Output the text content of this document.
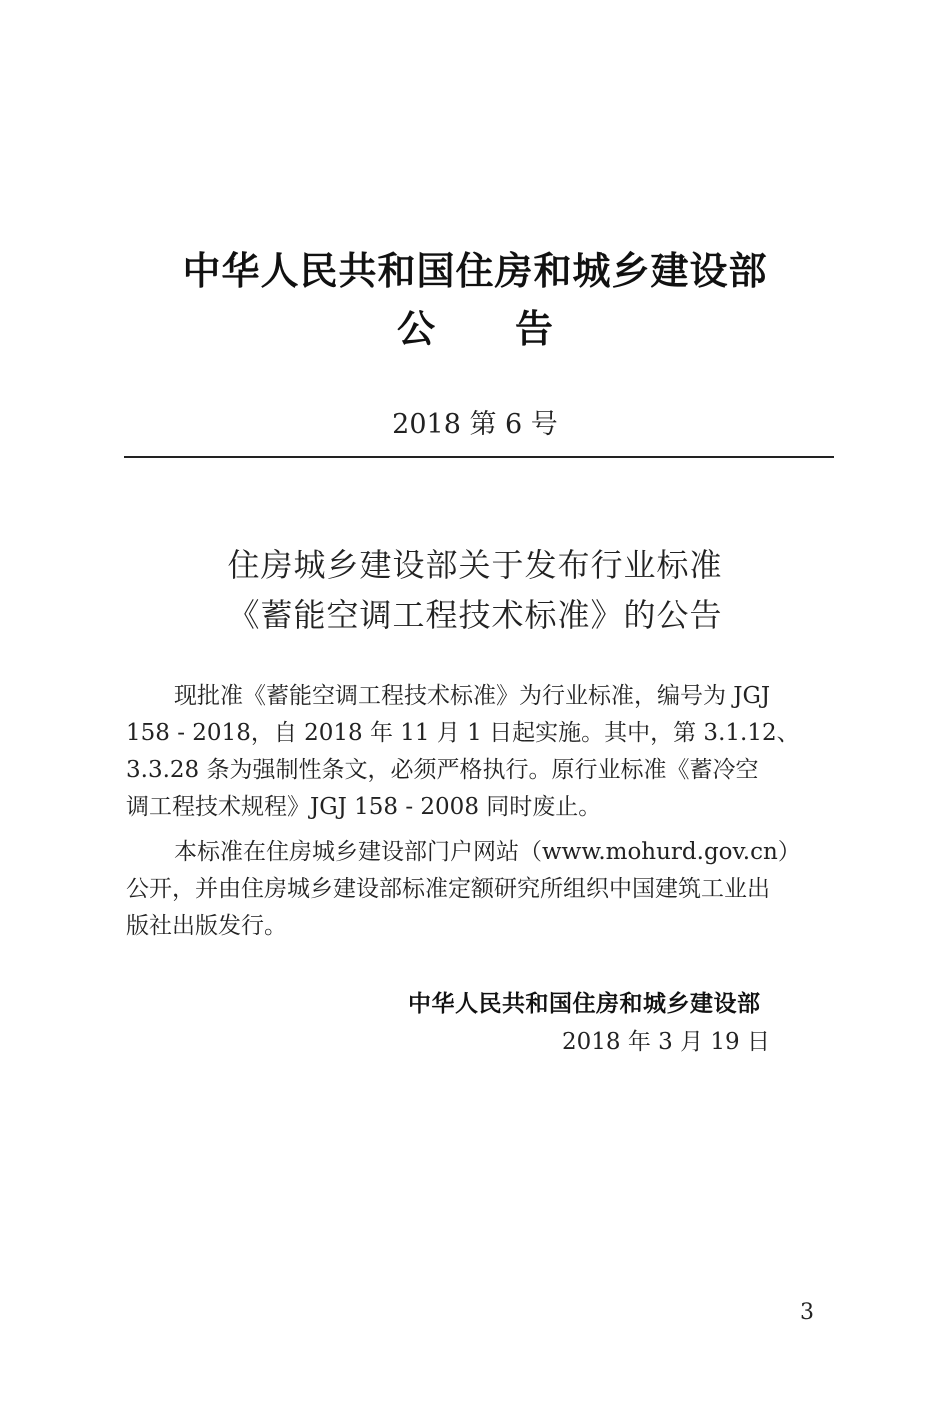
中华人民共和国住房和城乡建设部
公告
2018 第 6 号
住房城乡建设部关于发布行业标准
《蓄能空调工程技术标准》的公告
现批准《蓄能空调工程技术标准》为行业标准，编号为 JGJ
158 - 2018，自 2018 年 11 月 1 日起实施。其中，第 3.1.12、
3.3.28 条为强制性条文，必须严格执行。原行业标准《蓄冷空
调工程技术规程》JGJ 158 - 2008 同时废止。
本标准在住房城乡建设部门户网站（www.mohurd.gov.cn）
公开，并由住房城乡建设部标准定额研究所组织中国建筑工业出
版社出版发行。
中华人民共和国住房和城乡建设部
2018 年 3 月 19 日
3
